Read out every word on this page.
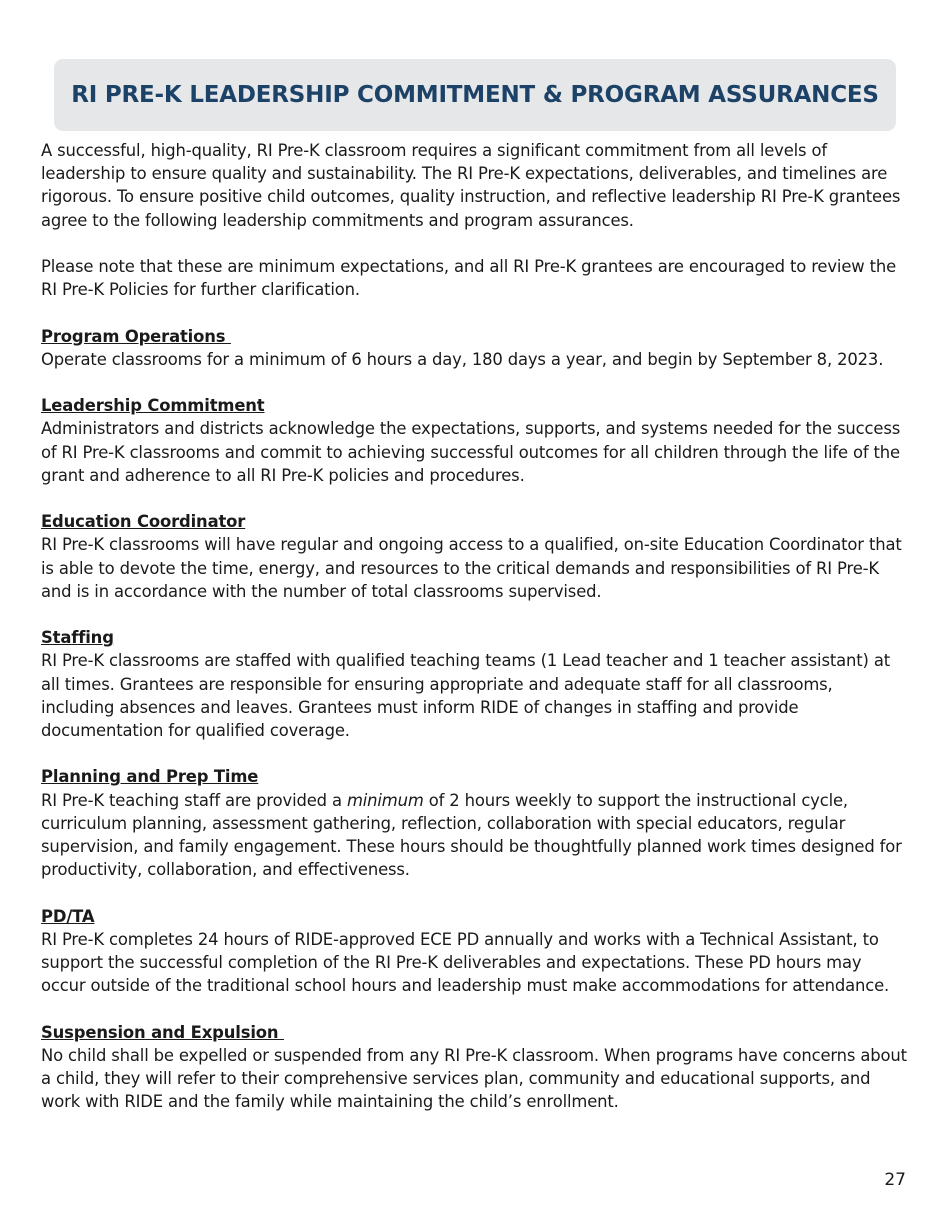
RI PRE-K LEADERSHIP COMMITMENT & PROGRAM ASSURANCES

A successful, high-quality, RI Pre-K classroom requires a significant commitment from all levels of leadership to ensure quality and sustainability. The RI Pre-K expectations, deliverables, and timelines are rigorous. To ensure positive child outcomes, quality instruction, and reflective leadership RI Pre-K grantees agree to the following leadership commitments and program assurances.

Please note that these are minimum expectations, and all RI Pre-K grantees are encouraged to review the RI Pre-K Policies for further clarification.

Program Operations

Operate classrooms for a minimum of 6 hours a day, 180 days a year, and begin by September 8, 2023.

Leadership Commitment

Administrators and districts acknowledge the expectations, supports, and systems needed for the success of RI Pre-K classrooms and commit to achieving successful outcomes for all children through the life of the grant and adherence to all RI Pre-K policies and procedures.

Education Coordinator

RI Pre-K classrooms will have regular and ongoing access to a qualified, on-site Education Coordinator that is able to devote the time, energy, and resources to the critical demands and responsibilities of RI Pre-K and is in accordance with the number of total classrooms supervised.

Staffing

RI Pre-K classrooms are staffed with qualified teaching teams (1 Lead teacher and 1 teacher assistant) at all times. Grantees are responsible for ensuring appropriate and adequate staff for all classrooms, including absences and leaves. Grantees must inform RIDE of changes in staffing and provide documentation for qualified coverage.

Planning and Prep Time

RI Pre-K teaching staff are provided a minimum of 2 hours weekly to support the instructional cycle, curriculum planning, assessment gathering, reflection, collaboration with special educators, regular supervision, and family engagement. These hours should be thoughtfully planned work times designed for productivity, collaboration, and effectiveness.

PD/TA

RI Pre-K completes 24 hours of RIDE-approved ECE PD annually and works with a Technical Assistant, to support the successful completion of the RI Pre-K deliverables and expectations. These PD hours may occur outside of the traditional school hours and leadership must make accommodations for attendance.

Suspension and Expulsion

No child shall be expelled or suspended from any RI Pre-K classroom. When programs have concerns about a child, they will refer to their comprehensive services plan, community and educational supports, and work with RIDE and the family while maintaining the child’s enrollment.

27
